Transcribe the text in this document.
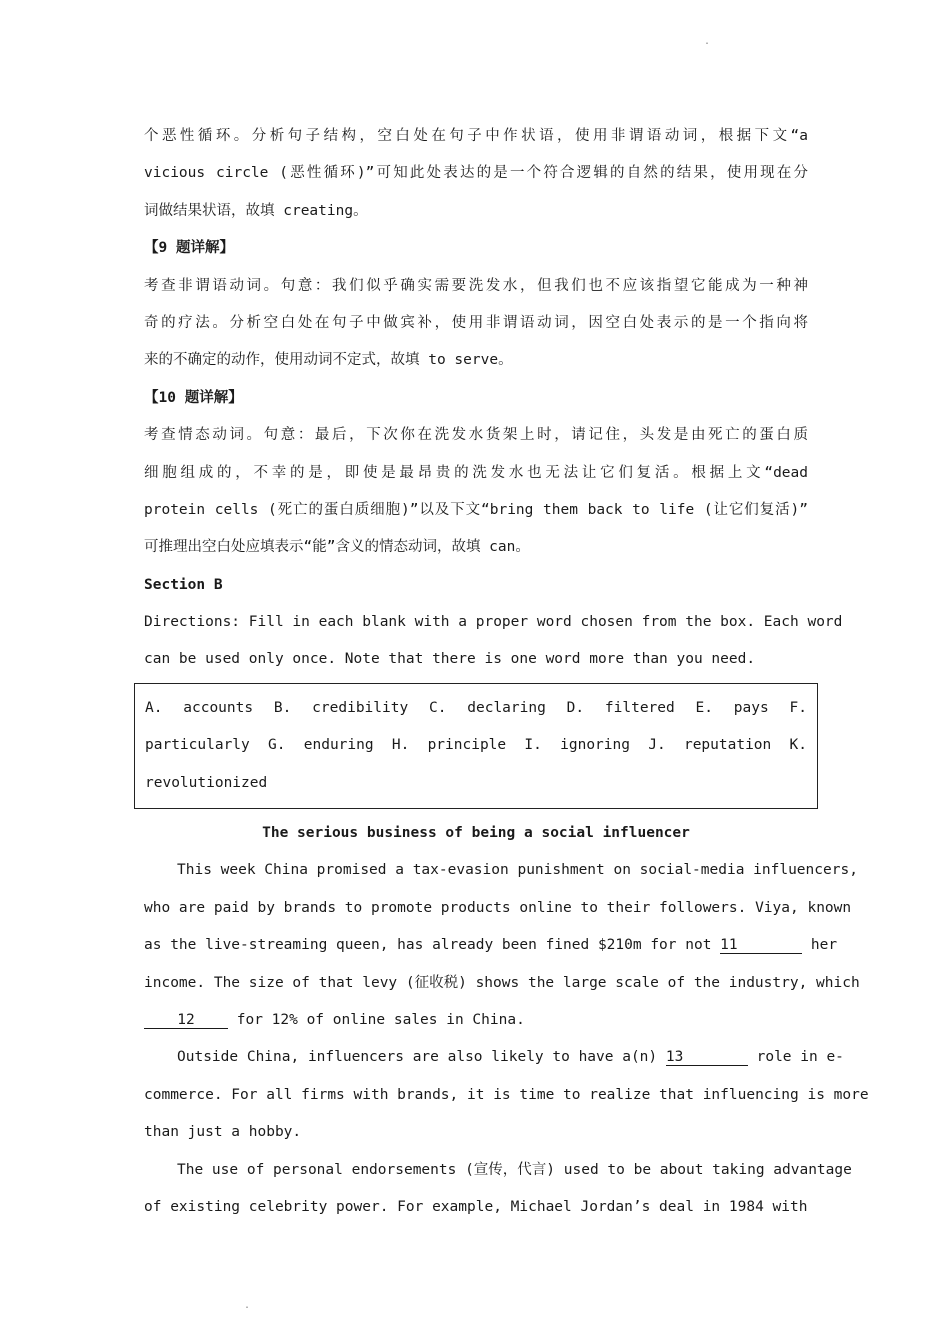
.
.
个恶性循环。分析句子结构，空白处在句子中作状语，使用非谓语动词，根据下文“a
vicious circle (恶性循环)”可知此处表达的是一个符合逻辑的自然的结果，使用现在分
词做结果状语，故填 creating。
【9 题详解】
考查非谓语动词。句意：我们似乎确实需要洗发水，但我们也不应该指望它能成为一种神
奇的疗法。分析空白处在句子中做宾补，使用非谓语动词，因空白处表示的是一个指向将
来的不确定的动作，使用动词不定式，故填 to serve。
【10 题详解】
考查情态动词。句意：最后，下次你在洗发水货架上时，请记住，头发是由死亡的蛋白质
细胞组成的，不幸的是，即使是最昂贵的洗发水也无法让它们复活。根据上文“dead
protein cells (死亡的蛋白质细胞)”以及下文“bring them back to life (让它们复活)”
可推理出空白处应填表示“能”含义的情态动词，故填 can。
Section B
Directions: Fill in each blank with a proper word chosen from the box. Each word
can be used only once. Note that there is one word more than you need.
A. accounts B. credibility C. declaring D. filtered E. pays F.
particularly G. enduring H. principle I. ignoring J. reputation K.
revolutionized
The serious business of being a social influencer
This week China promised a tax-evasion punishment on social-media influencers,
who are paid by brands to promote products online to their followers. Viya, known
as the live-streaming queen, has already been fined $210m for not 11	her
income. The size of that levy (征收税) shows the large scale of the industry, which
12 for 12% of online sales in China.
Outside China, influencers are also likely to have a(n) 13	role in e-
commerce. For all firms with brands, it is time to realize that influencing is more
than just a hobby.
The use of personal endorsements (宣传，代言) used to be about taking advantage
of existing celebrity power. For example, Michael Jordan’s deal in 1984 with
